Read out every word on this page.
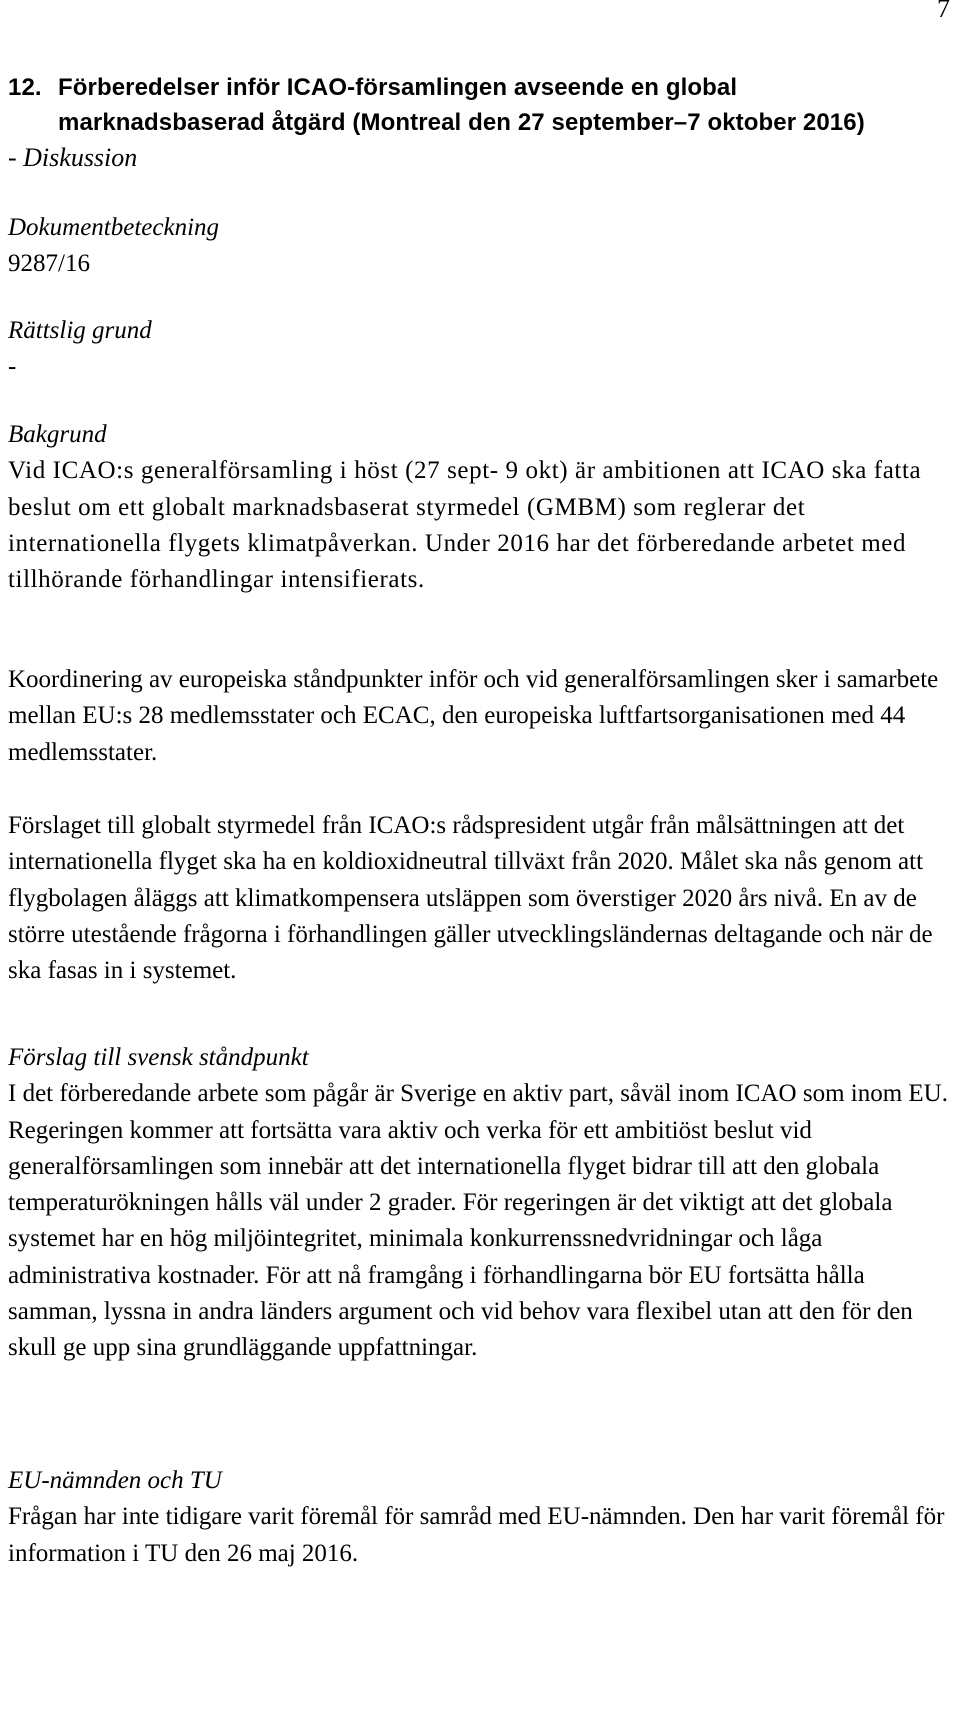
7
12. Förberedelser inför ICAO-församlingen avseende en global
marknadsbaserad åtgärd (Montreal den 27 september–7 oktober 2016)
- Diskussion

Dokumentbeteckning

9287/16

Rättslig grund

-

Bakgrund

Vid ICAO:s generalförsamling i höst (27 sept- 9 okt) är ambitionen att ICAO ska fatta beslut om ett globalt marknadsbaserat styrmedel (GMBM) som reglerar det internationella flygets klimatpåverkan. Under 2016 har det förberedande arbetet med tillhörande förhandlingar intensifierats.

Koordinering av europeiska ståndpunkter inför och vid generalförsamlingen sker i samarbete mellan EU:s 28 medlemsstater och ECAC, den europeiska luftfartsorganisationen med 44 medlemsstater.
Förslaget till globalt styrmedel från ICAO:s rådspresident utgår från målsättningen att det internationella flyget ska ha en koldioxidneutral tillväxt från 2020. Målet ska nås genom att flygbolagen åläggs att klimatkompensera utsläppen som överstiger 2020 års nivå. En av de större utestående frågorna i förhandlingen gäller utvecklingsländernas deltagande och när de ska fasas in i systemet.

Förslag till svensk ståndpunkt

I det förberedande arbete som pågår är Sverige en aktiv part, såväl inom ICAO som inom EU. Regeringen kommer att fortsätta vara aktiv och verka för ett ambitiöst beslut vid generalförsamlingen som innebär att det internationella flyget bidrar till att den globala temperaturökningen hålls väl under 2 grader. För regeringen är det viktigt att det globala systemet har en hög miljöintegritet, minimala konkurrenssnedvridningar och låga administrativa kostnader. För att nå framgång i förhandlingarna bör EU fortsätta hålla samman, lyssna in andra länders argument och vid behov vara flexibel utan att den för den skull ge upp sina grundläggande uppfattningar.

EU-nämnden och TU

Frågan har inte tidigare varit föremål för samråd med EU-nämnden. Den har varit föremål för information i TU den 26 maj 2016.
